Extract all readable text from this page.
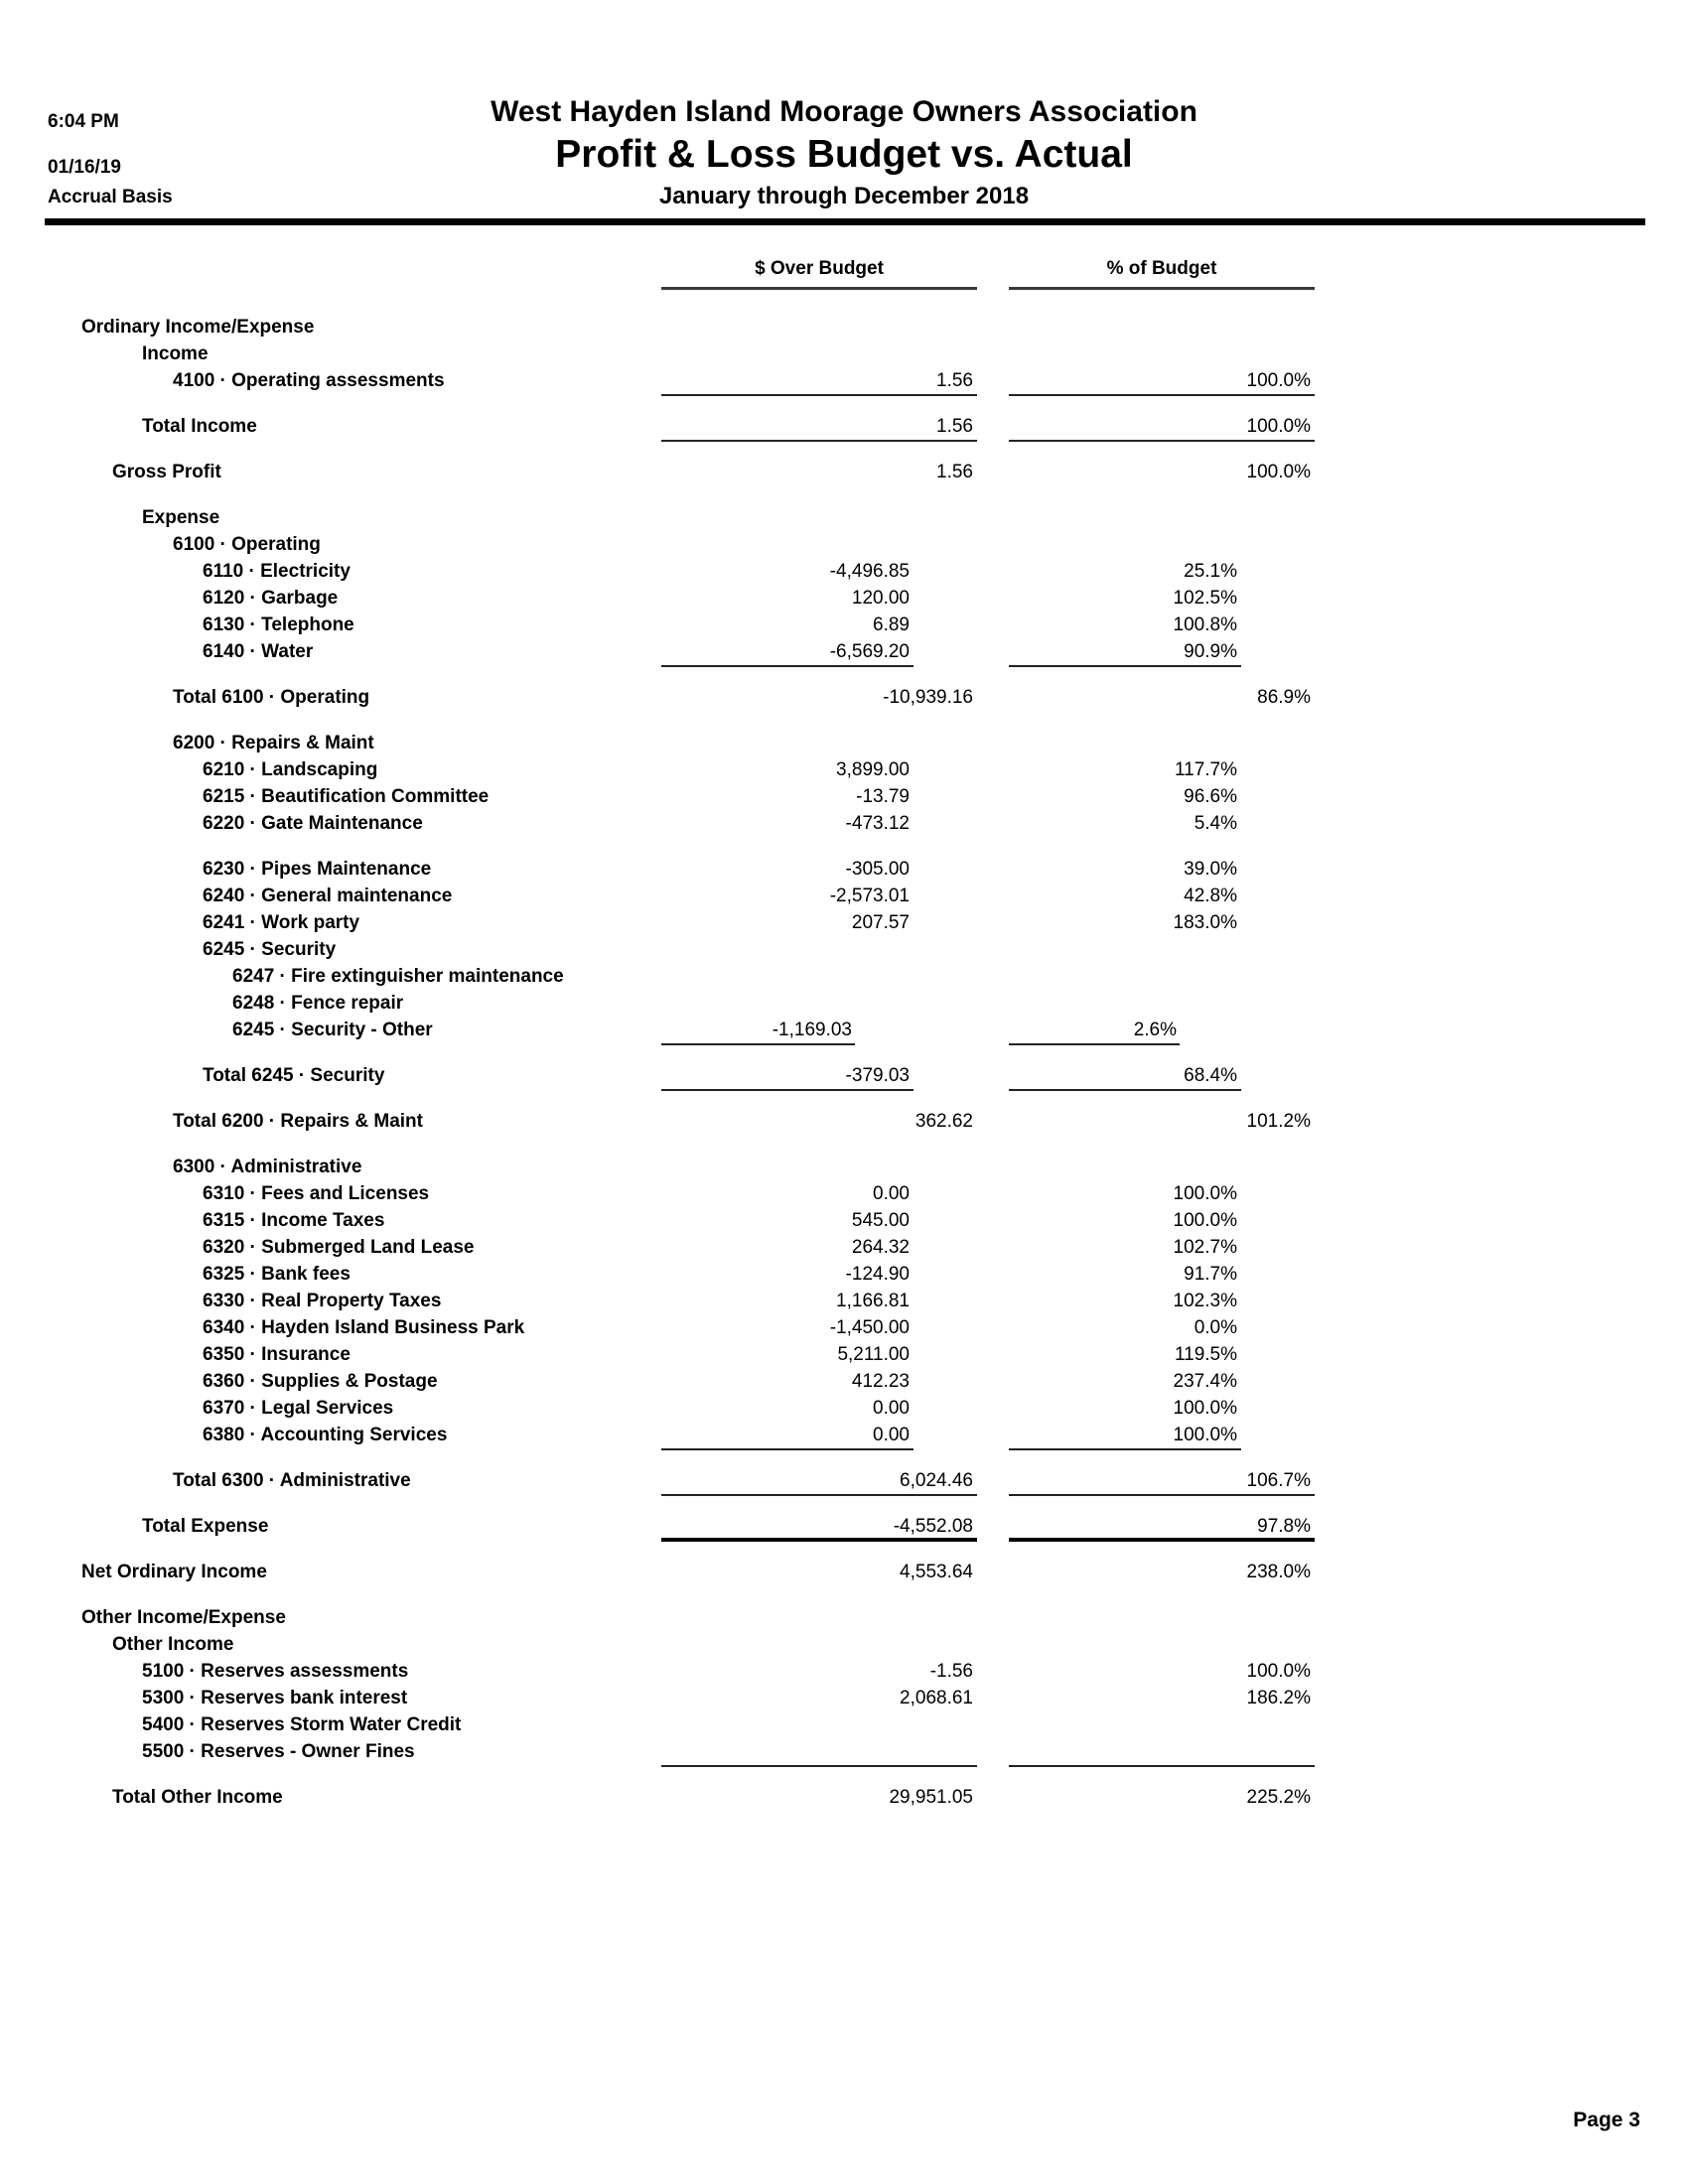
6:04 PM
01/16/19
Accrual Basis
West Hayden Island Moorage Owners Association
Profit & Loss Budget vs. Actual
January through December 2018
$ Over Budget	% of Budget
Ordinary Income/Expense
Income
4100 · Operating assessments	1.56	100.0%
Total Income	1.56	100.0%
Gross Profit	1.56	100.0%
Expense
6100 · Operating
6110 · Electricity	-4,496.85	25.1%
6120 · Garbage	120.00	102.5%
6130 · Telephone	6.89	100.8%
6140 · Water	-6,569.20	90.9%
Total 6100 · Operating	-10,939.16	86.9%
6200 · Repairs & Maint
6210 · Landscaping	3,899.00	117.7%
6215 · Beautification Committee	-13.79	96.6%
6220 · Gate Maintenance	-473.12	5.4%
6230 · Pipes Maintenance	-305.00	39.0%
6240 · General maintenance	-2,573.01	42.8%
6241 · Work party	207.57	183.0%
6245 · Security
6247 · Fire extinguisher maintenance
6248 · Fence repair
6245 · Security - Other	-1,169.03	2.6%
Total 6245 · Security	-379.03	68.4%
Total 6200 · Repairs & Maint	362.62	101.2%
6300 · Administrative
6310 · Fees and Licenses	0.00	100.0%
6315 · Income Taxes	545.00	100.0%
6320 · Submerged Land Lease	264.32	102.7%
6325 · Bank fees	-124.90	91.7%
6330 · Real Property Taxes	1,166.81	102.3%
6340 · Hayden Island Business Park	-1,450.00	0.0%
6350 · Insurance	5,211.00	119.5%
6360 · Supplies & Postage	412.23	237.4%
6370 · Legal Services	0.00	100.0%
6380 · Accounting Services	0.00	100.0%
Total 6300 · Administrative	6,024.46	106.7%
Total Expense	-4,552.08	97.8%
Net Ordinary Income	4,553.64	238.0%
Other Income/Expense
Other Income
5100 · Reserves assessments	-1.56	100.0%
5300 · Reserves bank interest	2,068.61	186.2%
5400 · Reserves Storm Water Credit
5500 · Reserves - Owner Fines
Total Other Income	29,951.05	225.2%
Page 3
